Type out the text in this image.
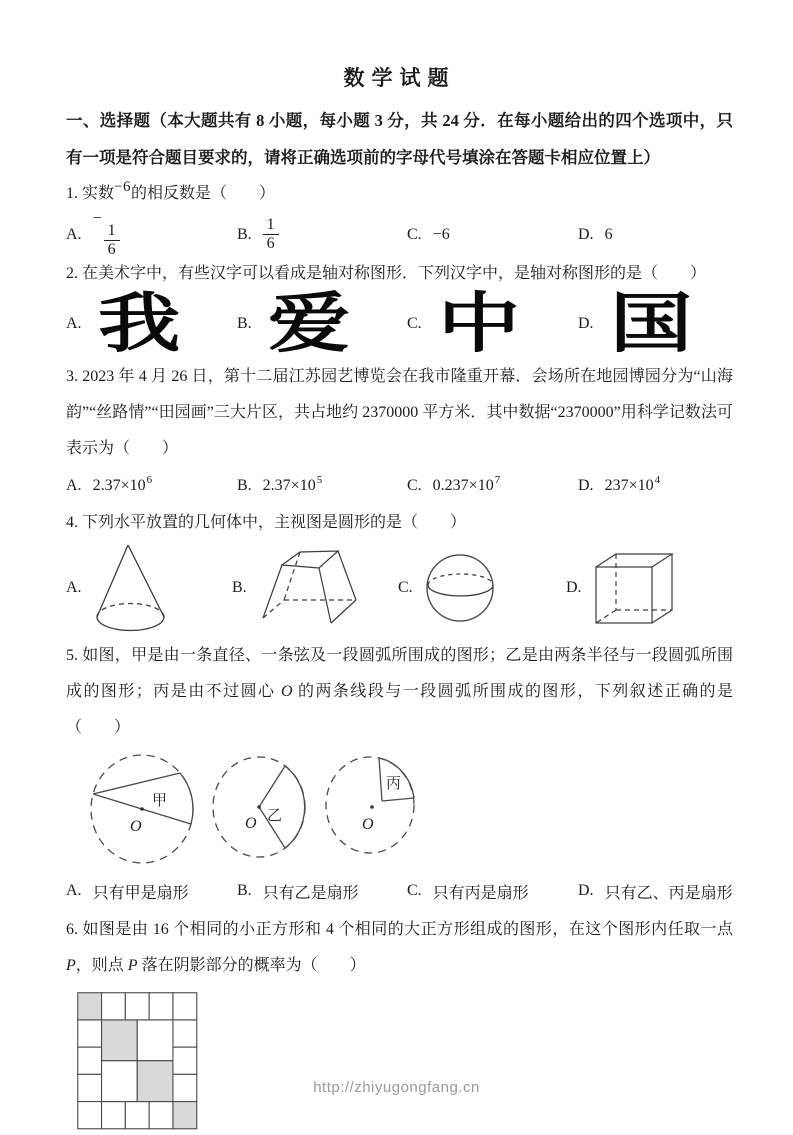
数学试题

一、选择题（本大题共有 8 小题，每小题 3 分，共 24 分．在每小题给出的四个选项中，只有一项是符合题目要求的，请将正确选项前的字母代号填涂在答题卡相应位置上）

1. 实数−6的相反数是（　　）

A.
−
$\frac{1}{6}$	B. $\frac{1}{6}$	C. −6	D. 6

2. 在美术字中，有些汉字可以看成是轴对称图形．下列汉字中，是轴对称图形的是（　　）

A. 我	B. 爱	C. 中	D. 国

3. 2023 年 4 月 26 日，第十二届江苏园艺博览会在我市隆重开幕．会场所在地园博园分为“山海韵”“丝路情”“田园画”三大片区，共占地约 2370000 平方米．其中数据“2370000”用科学记数法可表示为（　　）

A. $2.37\times 10^6$	B. $2.37\times 10^5$	C. $0.237\times 10^7$	D. $237\times 10^4$

4. 下列水平放置的几何体中，主视图是圆形的是（　　）

A.	B.	C.	D.

5. 如图，甲是由一条直径、一条弦及一段圆弧所围成的图形；乙是由两条半径与一段圆弧所围成的图形；丙是由不过圆心 O 的两条线段与一段圆弧所围成的图形，下列叙述正确的是（　　）

O
甲
O 乙	O
丙
A. 只有甲是扇形	B. 只有乙是扇形	C. 只有丙是扇形	D. 只有乙、丙是扇形

6. 如图是由 16 个相同的小正方形和 4 个相同的大正方形组成的图形，在这个图形内任取一点 P，则点 P 落在阴影部分的概率为（　　）

http://zhiyugongfang.cn
